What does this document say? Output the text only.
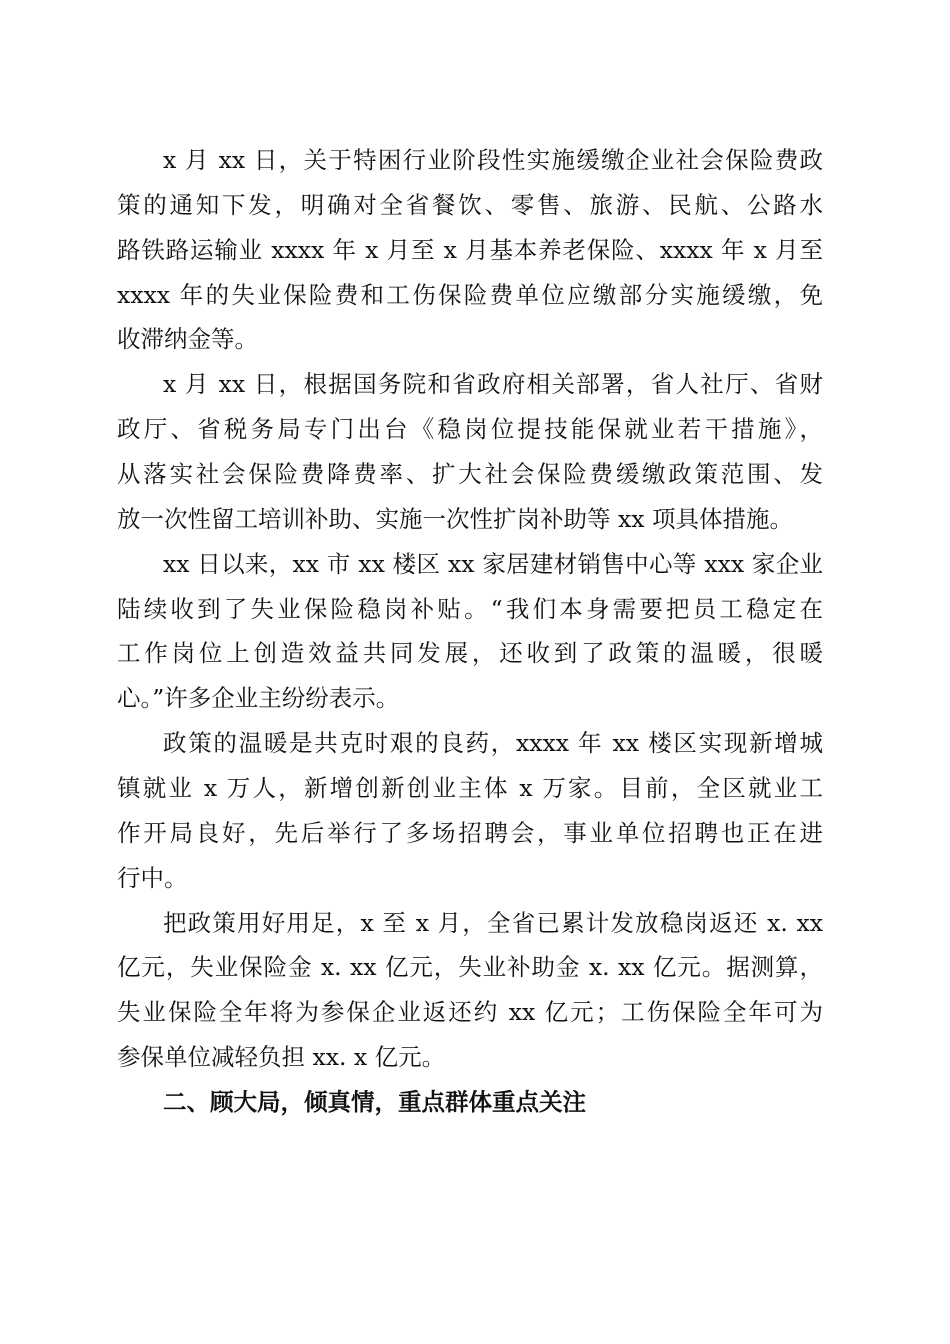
x 月 xx 日，关于特困行业阶段性实施缓缴企业社会保险费政
策的通知下发，明确对全省餐饮、零售、旅游、民航、公路水
路铁路运输业 xxxx 年 x 月至 x 月基本养老保险、xxxx 年 x 月至
xxxx 年的失业保险费和工伤保险费单位应缴部分实施缓缴，免
收滞纳金等。
x 月 xx 日，根据国务院和省政府相关部署，省人社厅、省财
政厅、省税务局专门出台《稳岗位提技能保就业若干措施》，
从落实社会保险费降费率、扩大社会保险费缓缴政策范围、发
放一次性留工培训补助、实施一次性扩岗补助等 xx 项具体措施。
xx 日以来，xx 市 xx 楼区 xx 家居建材销售中心等 xxx 家企业
陆续收到了失业保险稳岗补贴。“我们本身需要把员工稳定在
工作岗位上创造效益共同发展，还收到了政策的温暖，很暖
心。”许多企业主纷纷表示。
政策的温暖是共克时艰的良药，xxxx 年 xx 楼区实现新增城
镇就业 x 万人，新增创新创业主体 x 万家。目前，全区就业工
作开局良好，先后举行了多场招聘会，事业单位招聘也正在进
行中。
把政策用好用足，x 至 x 月，全省已累计发放稳岗返还 x. xx
亿元，失业保险金 x. xx 亿元，失业补助金 x. xx 亿元。据测算，
失业保险全年将为参保企业返还约 xx 亿元；工伤保险全年可为
参保单位减轻负担 xx. x 亿元。
二、顾大局，倾真情，重点群体重点关注
